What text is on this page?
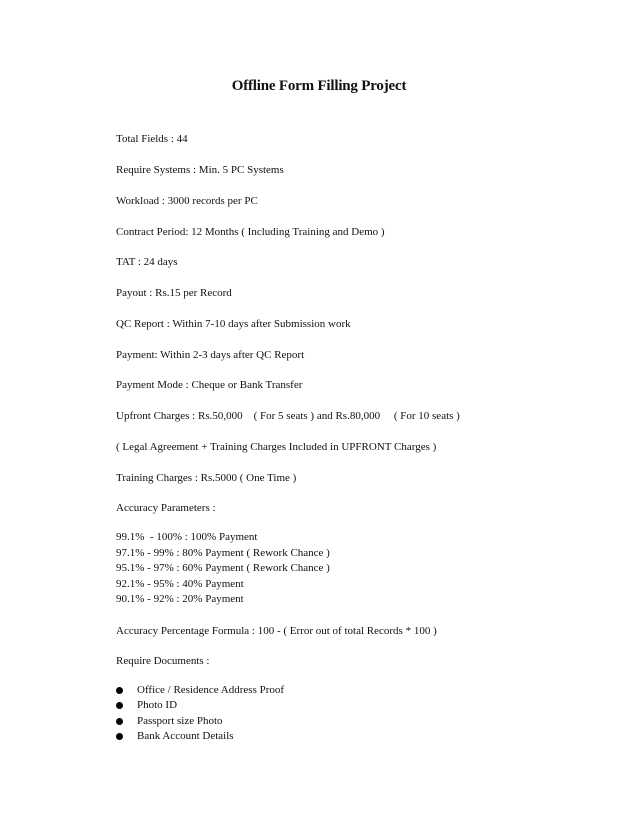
Offline Form Filling Project
Total Fields : 44
Require Systems : Min. 5 PC Systems
Workload : 3000 records per PC
Contract Period: 12 Months ( Including Training and Demo )
TAT : 24 days
Payout : Rs.15 per Record
QC Report : Within 7-10 days after Submission work
Payment: Within 2-3 days after QC Report
Payment Mode : Cheque or Bank Transfer
Upfront Charges : Rs.50,000    ( For 5 seats ) and Rs.80,000     ( For 10 seats )
( Legal Agreement + Training Charges Included in UPFRONT Charges )
Training Charges : Rs.5000 ( One Time )
Accuracy Parameters :
99.1%  - 100% : 100% Payment
97.1% - 99% : 80% Payment ( Rework Chance )
95.1% - 97% : 60% Payment ( Rework Chance )
92.1% - 95% : 40% Payment
90.1% - 92% : 20% Payment
Accuracy Percentage Formula : 100 - ( Error out of total Records * 100 )
Require Documents :

Office / Residence Address Proof

Photo ID

Passport size Photo

Bank Account Details
